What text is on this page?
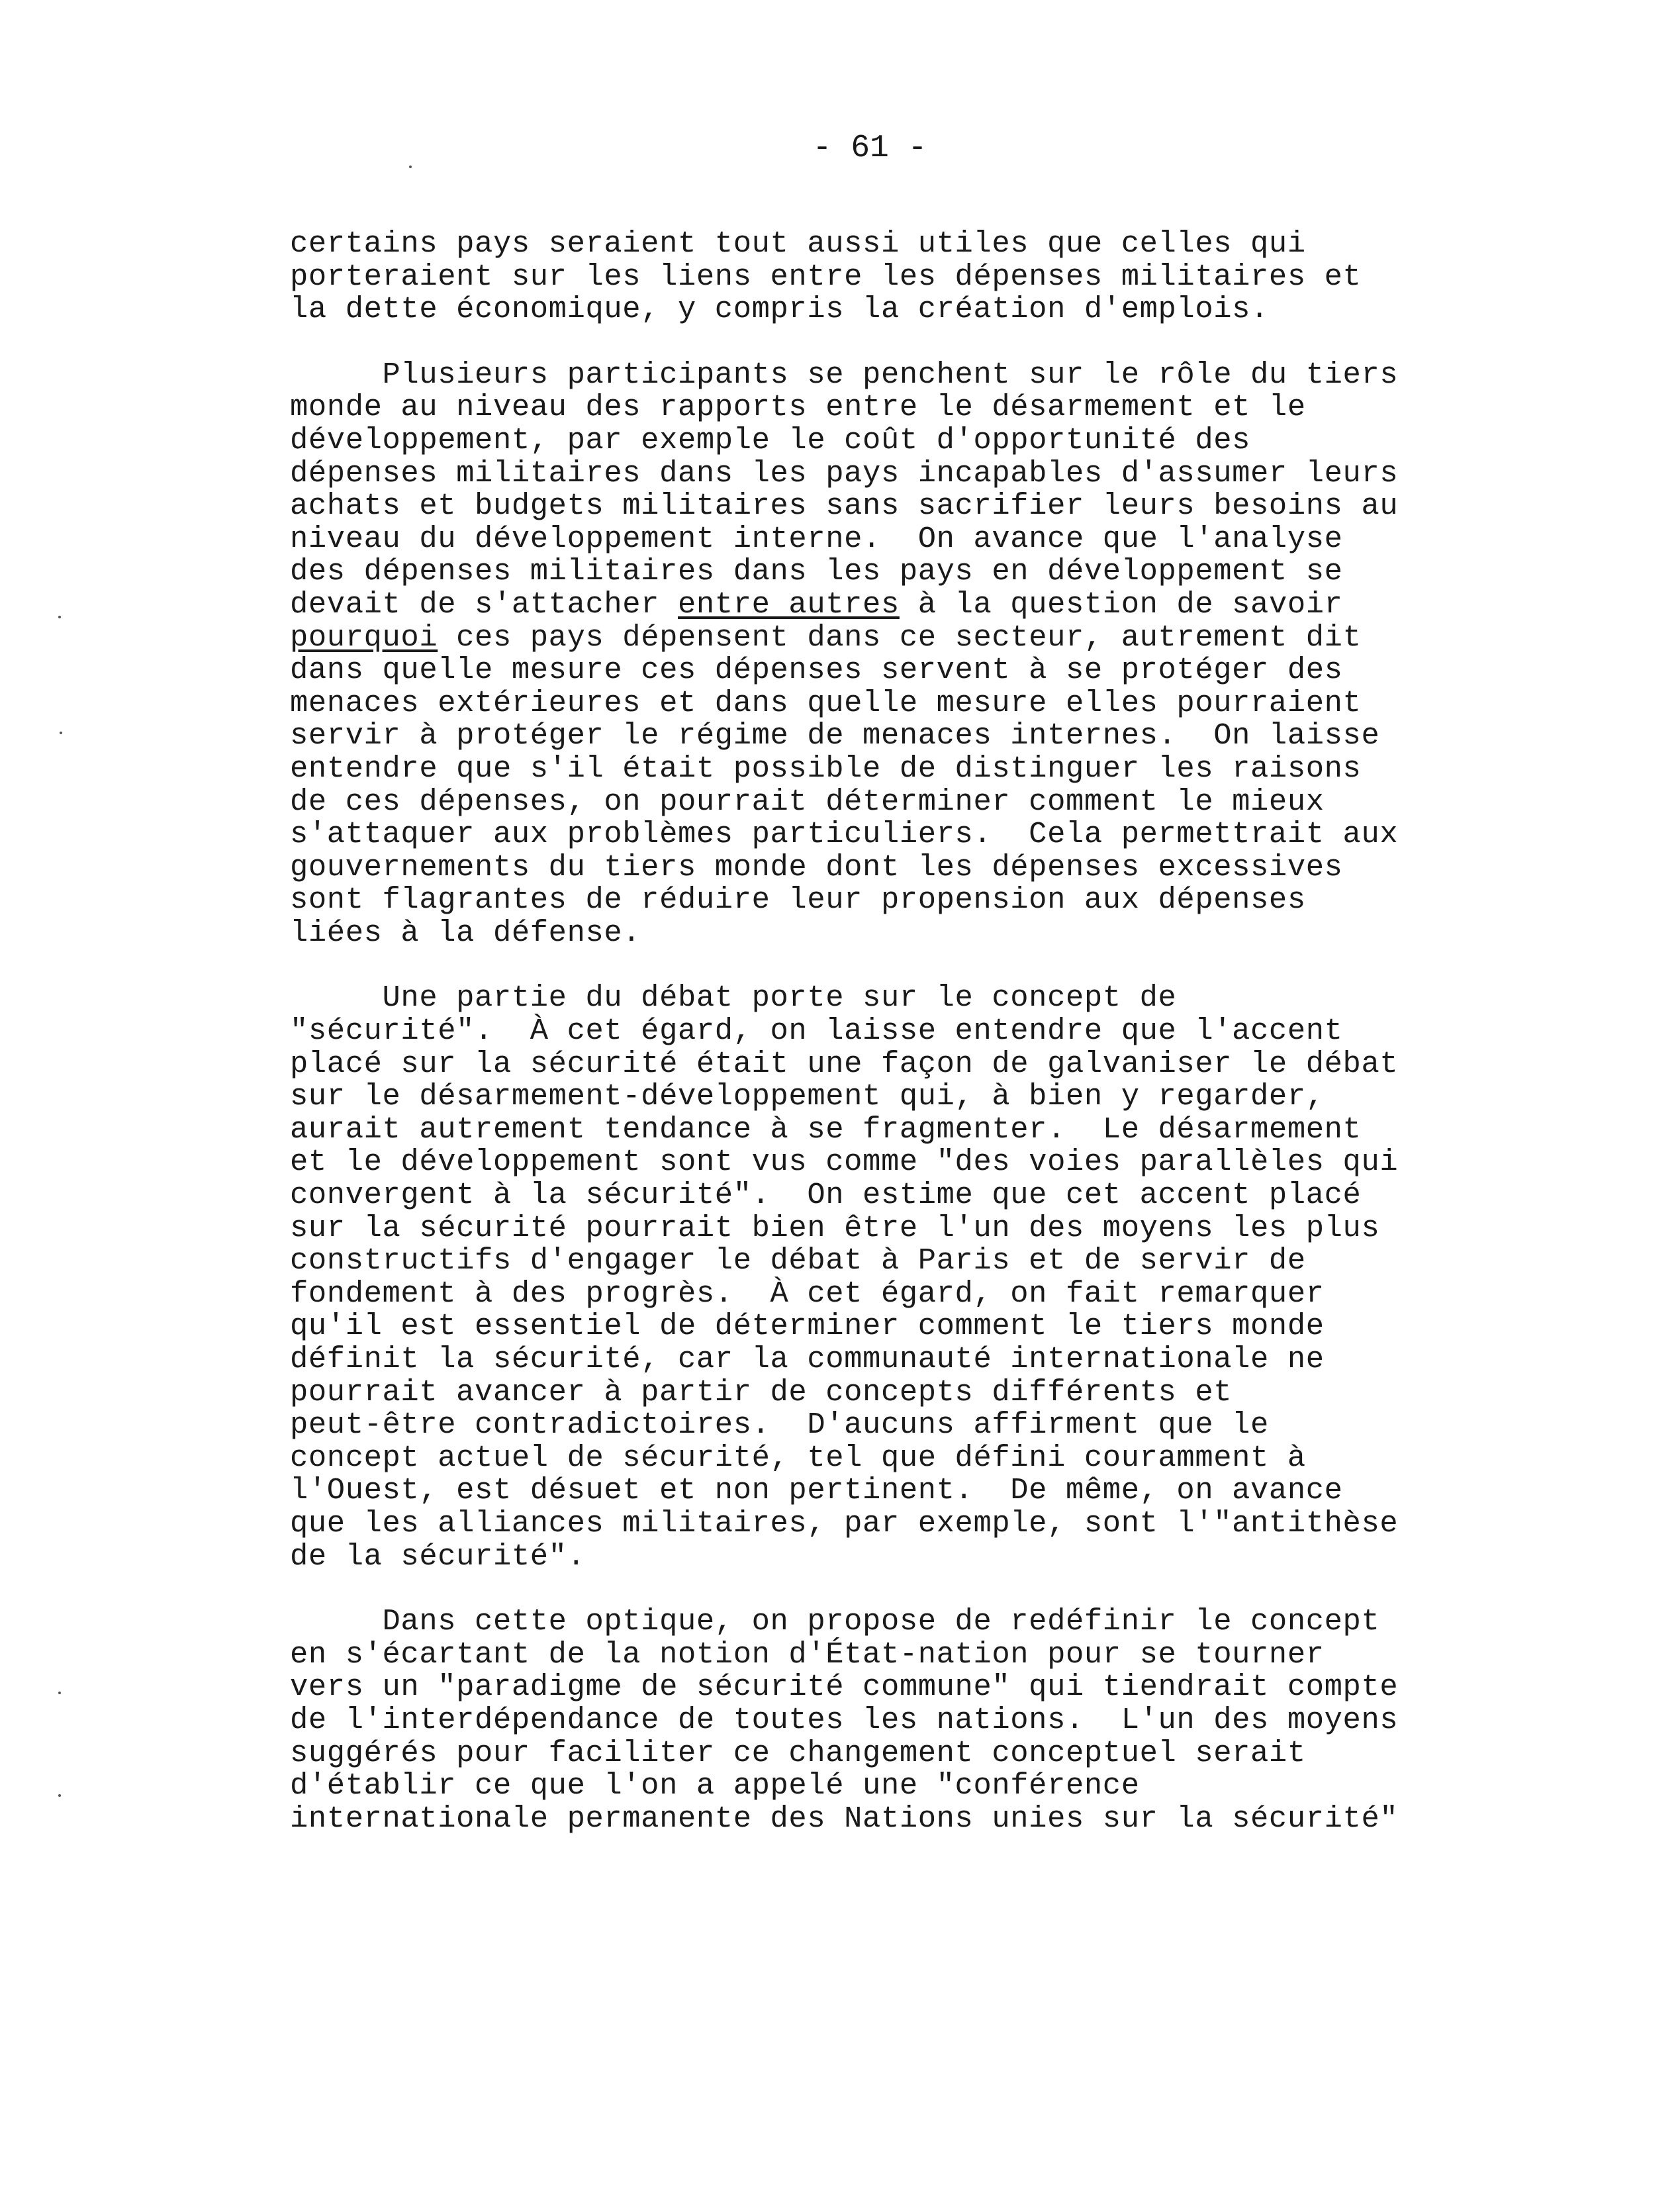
- 61 -

certains pays seraient tout aussi utiles que celles qui
porteraient sur les liens entre les dépenses militaires et
la dette économique, y compris la création d'emplois.

Plusieurs participants se penchent sur le rôle du tiers
monde au niveau des rapports entre le désarmement et le
développement, par exemple le coût d'opportunité des
dépenses militaires dans les pays incapables d'assumer leurs
achats et budgets militaires sans sacrifier leurs besoins au
niveau du développement interne.  On avance que l'analyse
des dépenses militaires dans les pays en développement se
devait de s'attacher entre autres à la question de savoir
pourquoi ces pays dépensent dans ce secteur, autrement dit
dans quelle mesure ces dépenses servent à se protéger des
menaces extérieures et dans quelle mesure elles pourraient
servir à protéger le régime de menaces internes.  On laisse
entendre que s'il était possible de distinguer les raisons
de ces dépenses, on pourrait déterminer comment le mieux
s'attaquer aux problèmes particuliers.  Cela permettrait aux
gouvernements du tiers monde dont les dépenses excessives
sont flagrantes de réduire leur propension aux dépenses
liées à la défense.

Une partie du débat porte sur le concept de
"sécurité".  À cet égard, on laisse entendre que l'accent
placé sur la sécurité était une façon de galvaniser le débat
sur le désarmement-développement qui, à bien y regarder,
aurait autrement tendance à se fragmenter.  Le désarmement
et le développement sont vus comme "des voies parallèles qui
convergent à la sécurité".  On estime que cet accent placé
sur la sécurité pourrait bien être l'un des moyens les plus
constructifs d'engager le débat à Paris et de servir de
fondement à des progrès.  À cet égard, on fait remarquer
qu'il est essentiel de déterminer comment le tiers monde
définit la sécurité, car la communauté internationale ne
pourrait avancer à partir de concepts différents et
peut-être contradictoires.  D'aucuns affirment que le
concept actuel de sécurité, tel que défini couramment à
l'Ouest, est désuet et non pertinent.  De même, on avance
que les alliances militaires, par exemple, sont l'"antithèse
de la sécurité".

Dans cette optique, on propose de redéfinir le concept
en s'écartant de la notion d'État-nation pour se tourner
vers un "paradigme de sécurité commune" qui tiendrait compte
de l'interdépendance de toutes les nations.  L'un des moyens
suggérés pour faciliter ce changement conceptuel serait
d'établir ce que l'on a appelé une "conférence
internationale permanente des Nations unies sur la sécurité"
